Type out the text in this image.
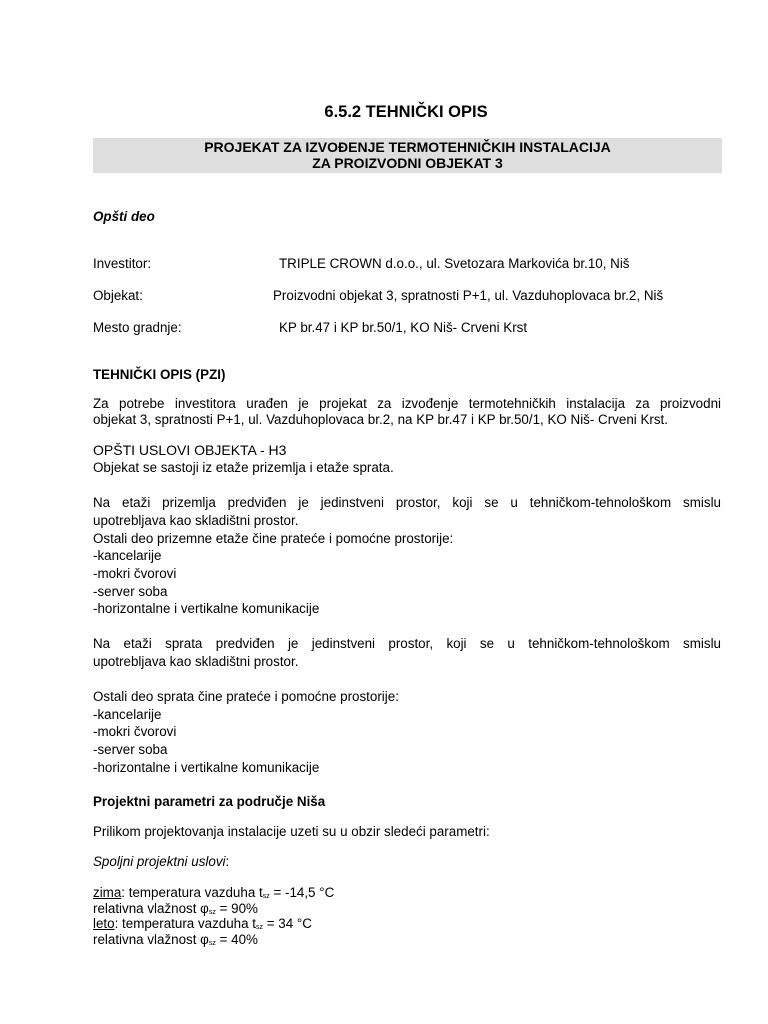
6.5.2 TEHNIČKI OPIS
PROJEKAT ZA IZVOĐENJE TERMOTEHNIČKIH INSTALACIJA
ZA PROIZVODNI OBJEKAT 3
Opšti deo
Investitor:	TRIPLE CROWN d.o.o., ul. Svetozara Markovića br.10, Niš
Objekat:	Proizvodni objekat 3, spratnosti P+1, ul. Vazduhoplovaca br.2, Niš
Mesto gradnje:	KP br.47 i KP br.50/1, KO Niš- Crveni Krst
TEHNIČKI OPIS (PZI)
Za potrebe investitora urađen je projekat za izvođenje termotehničkih instalacija za proizvodni
objekat 3, spratnosti P+1, ul. Vazduhoplovaca br.2, na KP br.47 i KP br.50/1, KO Niš- Crveni Krst.
OPŠTI USLOVI OBJEKTA - H3
Objekat se sastoji iz etaže prizemlja i etaže sprata.
Na etaži prizemlja predviđen je jedinstveni prostor, koji se u tehničkom-tehnološkom smislu
upotrebljava kao skladištni prostor.
Ostali deo prizemne etaže čine prateće i pomoćne prostorije:
-kancelarije
-mokri čvorovi
-server soba
-horizontalne i vertikalne komunikacije
Na etaži sprata predviđen je jedinstveni prostor, koji se u tehničkom-tehnološkom smislu
upotrebljava kao skladištni prostor.
Ostali deo sprata čine prateće i pomoćne prostorije:
-kancelarije
-mokri čvorovi
-server soba
-horizontalne i vertikalne komunikacije
Projektni parametri za područje Niša
Prilikom projektovanja instalacije uzeti su u obzir sledeći parametri:
Spoljni projektni uslovi:
zima: temperatura vazduha $t_{sz} = -14,5$ °C
relativna vlažnost $\varphi_{sz} = 90\%$
leto: temperatura vazduha $t_{sz} = 34$ °C
relativna vlažnost $\varphi_{sz} = 40\%$
